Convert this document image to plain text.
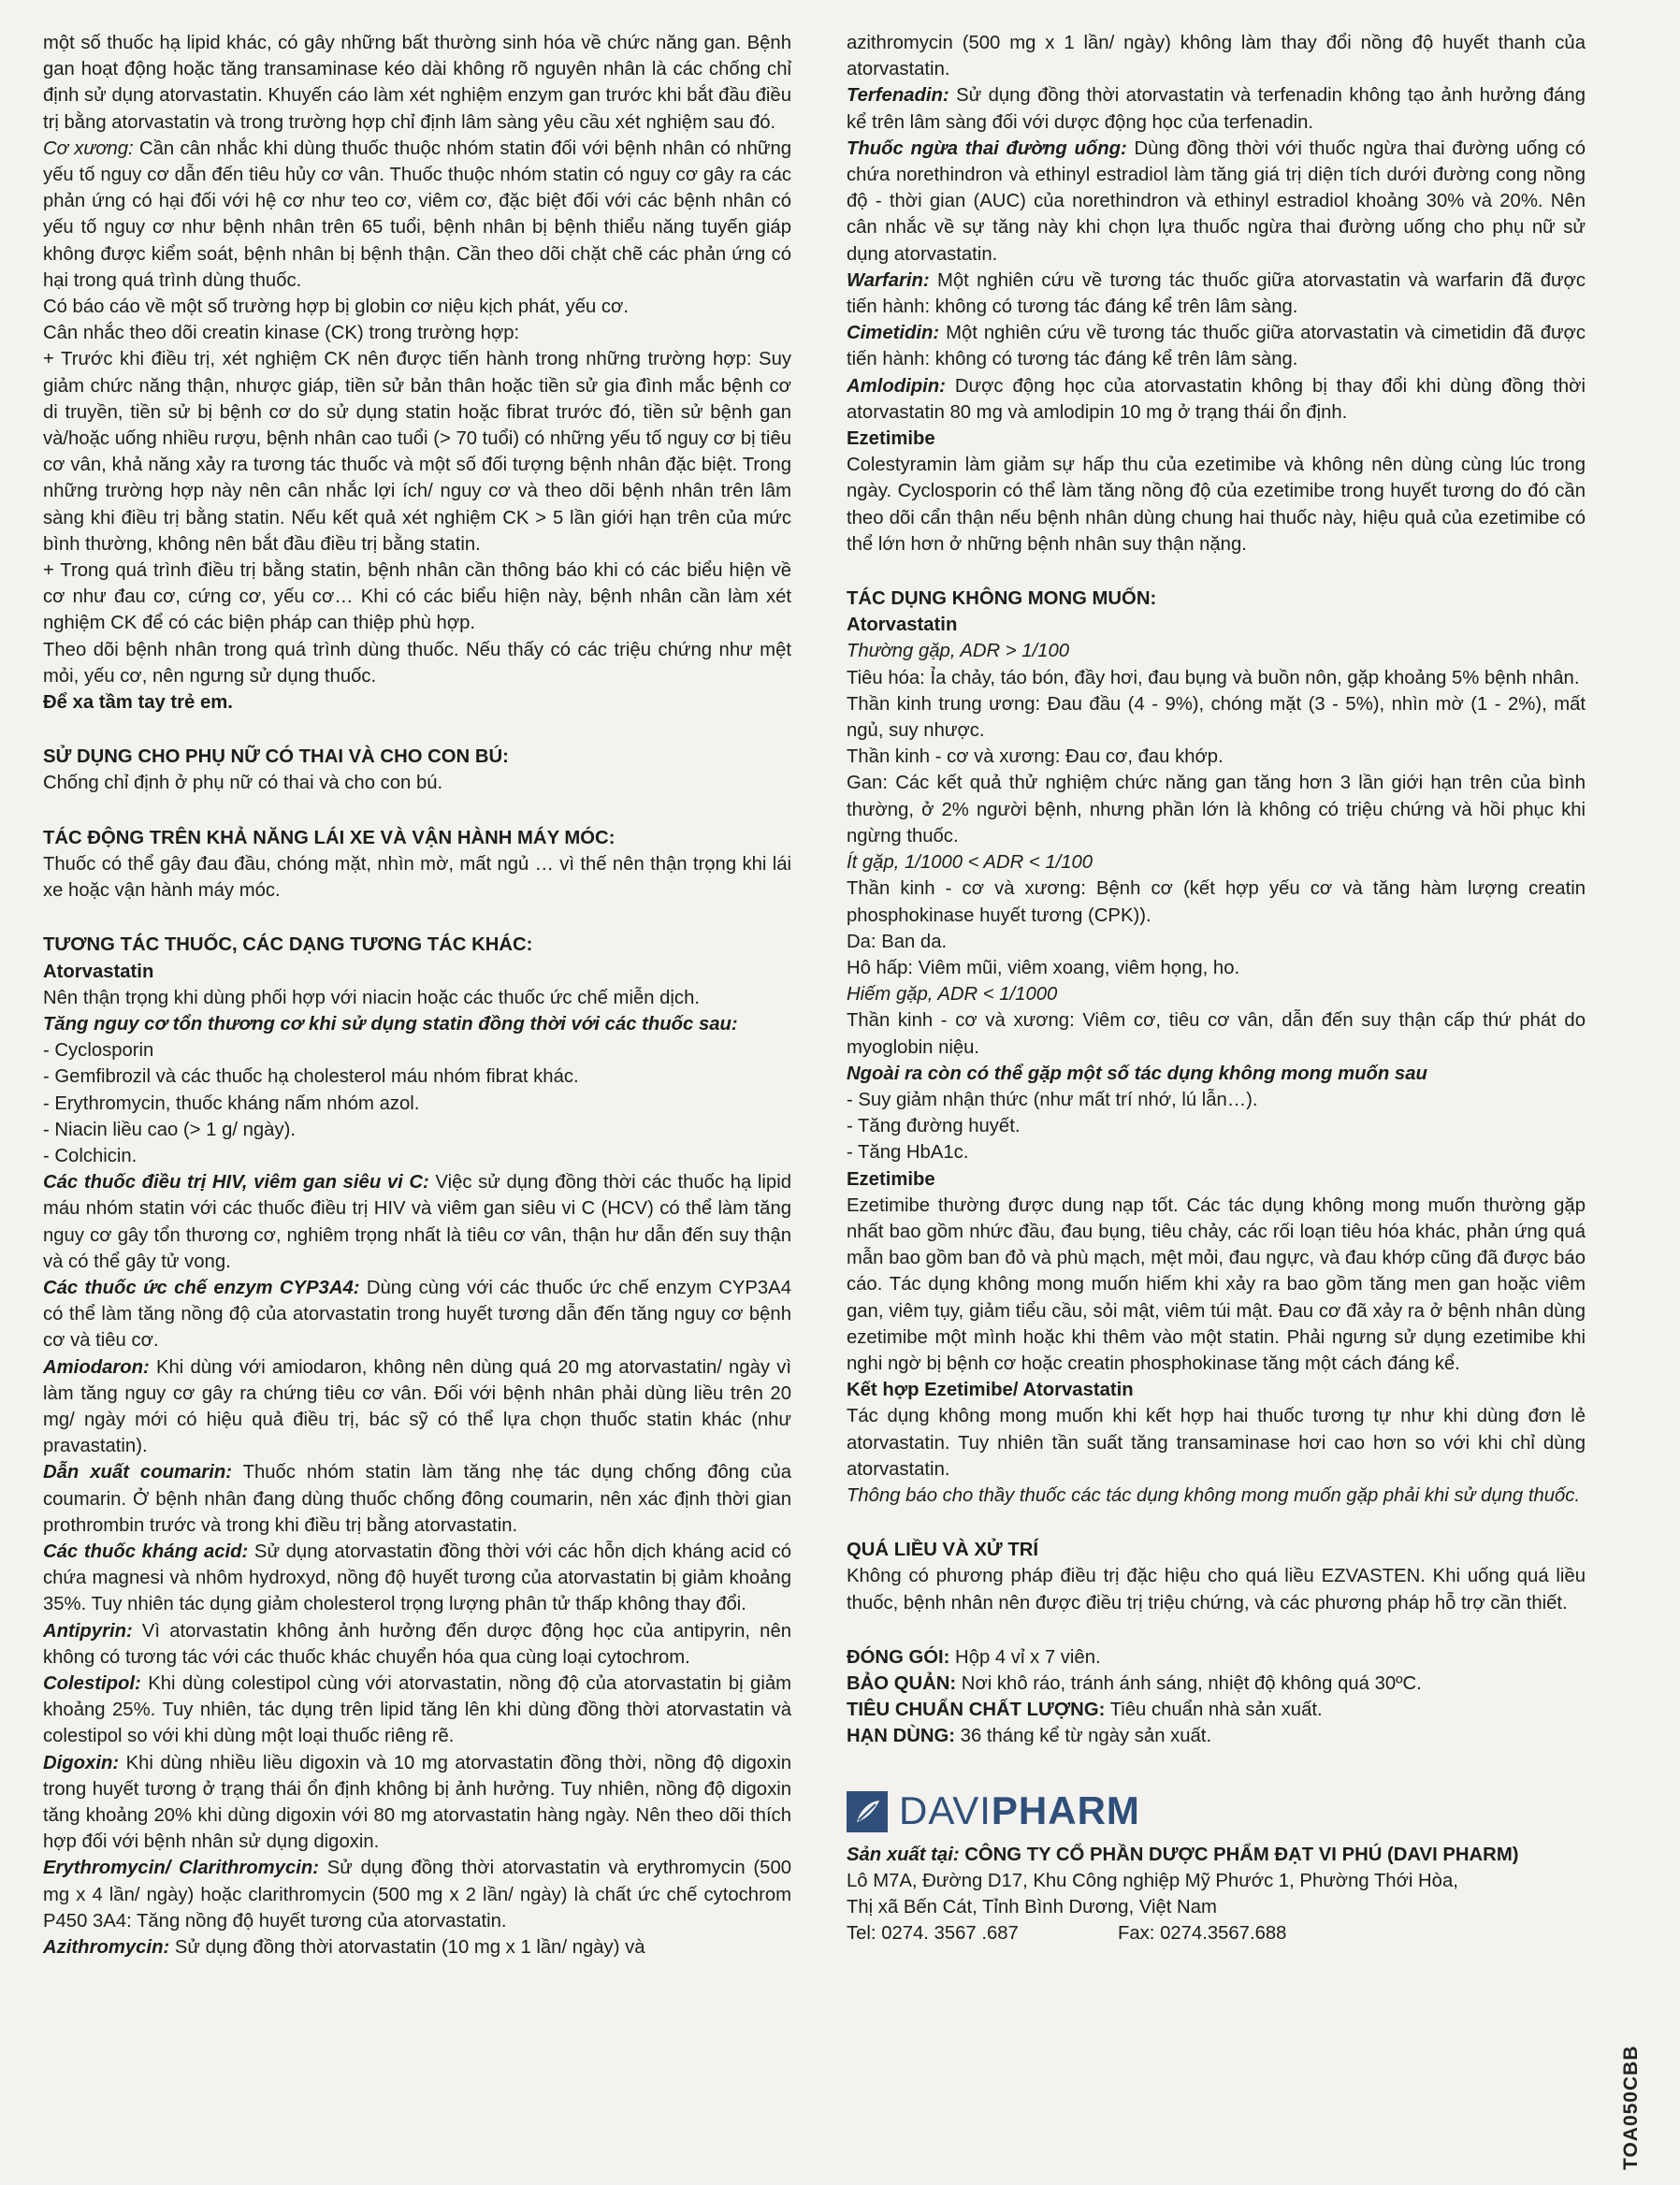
một số thuốc hạ lipid khác, có gây những bất thường sinh hóa về chức năng gan. Bệnh gan hoạt động hoặc tăng transaminase kéo dài không rõ nguyên nhân là các chống chỉ định sử dụng atorvastatin. Khuyến cáo làm xét nghiệm enzym gan trước khi bắt đầu điều trị bằng atorvastatin và trong trường hợp chỉ định lâm sàng yêu cầu xét nghiệm sau đó.

Cơ xương: Cần cân nhắc khi dùng thuốc thuộc nhóm statin đối với bệnh nhân có những yếu tố nguy cơ dẫn đến tiêu hủy cơ vân. Thuốc thuộc nhóm statin có nguy cơ gây ra các phản ứng có hại đối với hệ cơ như teo cơ, viêm cơ, đặc biệt đối với các bệnh nhân có yếu tố nguy cơ như bệnh nhân trên 65 tuổi, bệnh nhân bị bệnh thiểu năng tuyến giáp không được kiểm soát, bệnh nhân bị bệnh thận. Cần theo dõi chặt chẽ các phản ứng có hại trong quá trình dùng thuốc.

Có báo cáo về một số trường hợp bị globin cơ niệu kịch phát, yếu cơ.

Cân nhắc theo dõi creatin kinase (CK) trong trường hợp:

+ Trước khi điều trị, xét nghiệm CK nên được tiến hành trong những trường hợp: Suy giảm chức năng thận, nhược giáp, tiền sử bản thân hoặc tiền sử gia đình mắc bệnh cơ di truyền, tiền sử bị bệnh cơ do sử dụng statin hoặc fibrat trước đó, tiền sử bệnh gan và/hoặc uống nhiều rượu, bệnh nhân cao tuổi (> 70 tuổi) có những yếu tố nguy cơ bị tiêu cơ vân, khả năng xảy ra tương tác thuốc và một số đối tượng bệnh nhân đặc biệt. Trong những trường hợp này nên cân nhắc lợi ích/ nguy cơ và theo dõi bệnh nhân trên lâm sàng khi điều trị bằng statin. Nếu kết quả xét nghiệm CK > 5 lần giới hạn trên của mức bình thường, không nên bắt đầu điều trị bằng statin.

+ Trong quá trình điều trị bằng statin, bệnh nhân cần thông báo khi có các biểu hiện về cơ như đau cơ, cứng cơ, yếu cơ… Khi có các biểu hiện này, bệnh nhân cần làm xét nghiệm CK để có các biện pháp can thiệp phù hợp.

Theo dõi bệnh nhân trong quá trình dùng thuốc. Nếu thấy có các triệu chứng như mệt mỏi, yếu cơ, nên ngưng sử dụng thuốc.

Để xa tầm tay trẻ em.

SỬ DỤNG CHO PHỤ NỮ CÓ THAI VÀ CHO CON BÚ:

Chống chỉ định ở phụ nữ có thai và cho con bú.

TÁC ĐỘNG TRÊN KHẢ NĂNG LÁI XE VÀ VẬN HÀNH MÁY MÓC:

Thuốc có thể gây đau đầu, chóng mặt, nhìn mờ, mất ngủ … vì thế nên thận trọng khi lái xe hoặc vận hành máy móc.

TƯƠNG TÁC THUỐC, CÁC DẠNG TƯƠNG TÁC KHÁC:

Atorvastatin

Nên thận trọng khi dùng phối hợp với niacin hoặc các thuốc ức chế miễn dịch.

Tăng nguy cơ tổn thương cơ khi sử dụng statin đồng thời với các thuốc sau:

- Cyclosporin

- Gemfibrozil và các thuốc hạ cholesterol máu nhóm fibrat khác.

- Erythromycin, thuốc kháng nấm nhóm azol.

- Niacin liều cao (> 1 g/ ngày).

- Colchicin.

Các thuốc điều trị HIV, viêm gan siêu vi C: Việc sử dụng đồng thời các thuốc hạ lipid máu nhóm statin với các thuốc điều trị HIV và viêm gan siêu vi C (HCV) có thể làm tăng nguy cơ gây tổn thương cơ, nghiêm trọng nhất là tiêu cơ vân, thận hư dẫn đến suy thận và có thể gây tử vong.

Các thuốc ức chế enzym CYP3A4: Dùng cùng với các thuốc ức chế enzym CYP3A4 có thể làm tăng nồng độ của atorvastatin trong huyết tương dẫn đến tăng nguy cơ bệnh cơ và tiêu cơ.

Amiodaron: Khi dùng với amiodaron, không nên dùng quá 20 mg atorvastatin/ ngày vì làm tăng nguy cơ gây ra chứng tiêu cơ vân. Đối với bệnh nhân phải dùng liều trên 20 mg/ ngày mới có hiệu quả điều trị, bác sỹ có thể lựa chọn thuốc statin khác (như pravastatin).

Dẫn xuất coumarin: Thuốc nhóm statin làm tăng nhẹ tác dụng chống đông của coumarin. Ở bệnh nhân đang dùng thuốc chống đông coumarin, nên xác định thời gian prothrombin trước và trong khi điều trị bằng atorvastatin.

Các thuốc kháng acid: Sử dụng atorvastatin đồng thời với các hỗn dịch kháng acid có chứa magnesi và nhôm hydroxyd, nồng độ huyết tương của atorvastatin bị giảm khoảng 35%. Tuy nhiên tác dụng giảm cholesterol trọng lượng phân tử thấp không thay đổi.

Antipyrin: Vì atorvastatin không ảnh hưởng đến dược động học của antipyrin, nên không có tương tác với các thuốc khác chuyển hóa qua cùng loại cytochrom.

Colestipol: Khi dùng colestipol cùng với atorvastatin, nồng độ của atorvastatin bị giảm khoảng 25%. Tuy nhiên, tác dụng trên lipid tăng lên khi dùng đồng thời atorvastatin và colestipol so với khi dùng một loại thuốc riêng rẽ.

Digoxin: Khi dùng nhiều liều digoxin và 10 mg atorvastatin đồng thời, nồng độ digoxin trong huyết tương ở trạng thái ổn định không bị ảnh hưởng. Tuy nhiên, nồng độ digoxin tăng khoảng 20% khi dùng digoxin với 80 mg atorvastatin hàng ngày. Nên theo dõi thích hợp đối với bệnh nhân sử dụng digoxin.

Erythromycin/ Clarithromycin: Sử dụng đồng thời atorvastatin và erythromycin (500 mg x 4 lần/ ngày) hoặc clarithromycin (500 mg x 2 lần/ ngày) là chất ức chế cytochrom P450 3A4: Tăng nồng độ huyết tương của atorvastatin.

Azithromycin: Sử dụng đồng thời atorvastatin (10 mg x 1 lần/ ngày) và

azithromycin (500 mg x 1 lần/ ngày) không làm thay đổi nồng độ huyết thanh của atorvastatin.

Terfenadin: Sử dụng đồng thời atorvastatin và terfenadin không tạo ảnh hưởng đáng kể trên lâm sàng đối với dược động học của terfenadin.

Thuốc ngừa thai đường uống: Dùng đồng thời với thuốc ngừa thai đường uống có chứa norethindron và ethinyl estradiol làm tăng giá trị diện tích dưới đường cong nồng độ - thời gian (AUC) của norethindron và ethinyl estradiol khoảng 30% và 20%. Nên cân nhắc về sự tăng này khi chọn lựa thuốc ngừa thai đường uống cho phụ nữ sử dụng atorvastatin.

Warfarin: Một nghiên cứu về tương tác thuốc giữa atorvastatin và warfarin đã được tiến hành: không có tương tác đáng kể trên lâm sàng.

Cimetidin: Một nghiên cứu về tương tác thuốc giữa atorvastatin và cimetidin đã được tiến hành: không có tương tác đáng kể trên lâm sàng.

Amlodipin: Dược động học của atorvastatin không bị thay đổi khi dùng đồng thời atorvastatin 80 mg và amlodipin 10 mg ở trạng thái ổn định.

Ezetimibe

Colestyramin làm giảm sự hấp thu của ezetimibe và không nên dùng cùng lúc trong ngày. Cyclosporin có thể làm tăng nồng độ của ezetimibe trong huyết tương do đó cần theo dõi cẩn thận nếu bệnh nhân dùng chung hai thuốc này, hiệu quả của ezetimibe có thể lớn hơn ở những bệnh nhân suy thận nặng.

TÁC DỤNG KHÔNG MONG MUỐN:

Atorvastatin

Thường gặp, ADR > 1/100

Tiêu hóa: Ỉa chảy, táo bón, đầy hơi, đau bụng và buồn nôn, gặp khoảng 5% bệnh nhân.

Thần kinh trung ương: Đau đầu (4 - 9%), chóng mặt (3 - 5%), nhìn mờ (1 - 2%), mất ngủ, suy nhược.

Thần kinh - cơ và xương: Đau cơ, đau khớp.

Gan: Các kết quả thử nghiệm chức năng gan tăng hơn 3 lần giới hạn trên của bình thường, ở 2% người bệnh, nhưng phần lớn là không có triệu chứng và hồi phục khi ngừng thuốc.

Ít gặp, 1/1000 < ADR < 1/100

Thần kinh - cơ và xương: Bệnh cơ (kết hợp yếu cơ và tăng hàm lượng creatin phosphokinase huyết tương (CPK)).

Da: Ban da.

Hô hấp: Viêm mũi, viêm xoang, viêm họng, ho.

Hiếm gặp, ADR < 1/1000

Thần kinh - cơ và xương: Viêm cơ, tiêu cơ vân, dẫn đến suy thận cấp thứ phát do myoglobin niệu.

Ngoài ra còn có thể gặp một số tác dụng không mong muốn sau

- Suy giảm nhận thức (như mất trí nhớ, lú lẫn…).

- Tăng đường huyết.

- Tăng HbA1c.

Ezetimibe

Ezetimibe thường được dung nạp tốt. Các tác dụng không mong muốn thường gặp nhất bao gồm nhức đầu, đau bụng, tiêu chảy, các rối loạn tiêu hóa khác, phản ứng quá mẫn bao gồm ban đỏ và phù mạch, mệt mỏi, đau ngực, và đau khớp cũng đã được báo cáo. Tác dụng không mong muốn hiếm khi xảy ra bao gồm tăng men gan hoặc viêm gan, viêm tụy, giảm tiểu cầu, sỏi mật, viêm túi mật. Đau cơ đã xảy ra ở bệnh nhân dùng ezetimibe một mình hoặc khi thêm vào một statin. Phải ngưng sử dụng ezetimibe khi nghi ngờ bị bệnh cơ hoặc creatin phosphokinase tăng một cách đáng kể.

Kết hợp Ezetimibe/ Atorvastatin

Tác dụng không mong muốn khi kết hợp hai thuốc tương tự như khi dùng đơn lẻ atorvastatin. Tuy nhiên tần suất tăng transaminase hơi cao hơn so với khi chỉ dùng atorvastatin.

Thông báo cho thầy thuốc các tác dụng không mong muốn gặp phải khi sử dụng thuốc.

QUÁ LIỀU VÀ XỬ TRÍ

Không có phương pháp điều trị đặc hiệu cho quá liều EZVASTEN. Khi uống quá liều thuốc, bệnh nhân nên được điều trị triệu chứng, và các phương pháp hỗ trợ cần thiết.

ĐÓNG GÓI: Hộp 4 vỉ x 7 viên.

BẢO QUẢN: Nơi khô ráo, tránh ánh sáng, nhiệt độ không quá 30ºC.

TIÊU CHUẨN CHẤT LƯỢNG: Tiêu chuẩn nhà sản xuất.

HẠN DÙNG: 36 tháng kể từ ngày sản xuất.

DAVIPHARM

Sản xuất tại: CÔNG TY CỔ PHẦN DƯỢC PHẨM ĐẠT VI PHÚ (DAVI PHARM)

Lô M7A, Đường D17, Khu Công nghiệp Mỹ Phước 1, Phường Thới Hòa,

Thị xã Bến Cát, Tỉnh Bình Dương, Việt Nam

Tel: 0274. 3567 .687	Fax: 0274.3567.688

TOA050CBB
